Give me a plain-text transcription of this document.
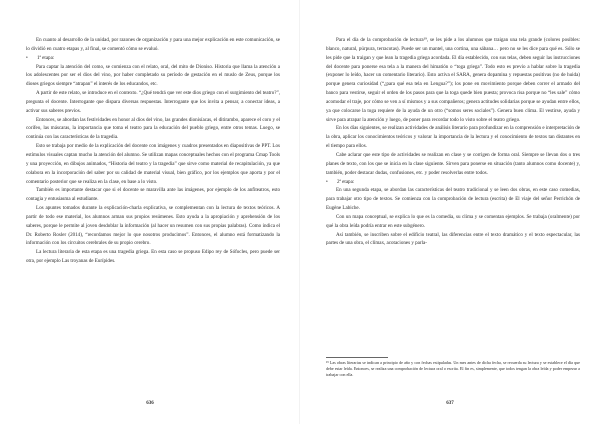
En cuanto al desarrollo de la unidad, por razones de organización y para una mejor explicación en este comunicación, se lo dividió en cuatro etapas y, al final, se comentó cómo se evaluó.

• 1ª etapa:

Para captar la atención del como, se comienza con el relato, oral, del mito de Dioniso. Historia que llama la atención a los adolescentes por ser el dios del vino, por haber completado su período de gestación en el muslo de Zeus, porque los dioses griegos siempre “atrapan” el interés de los educandos, etc.

A partir de este relato, se introduce en el contexto. “¿Qué tendrá que ver este dios griego con el surgimiento del teatro?”, pregunta el docente. Interrogante que dispara diversas respuestas. Interrogante que los invita a pensar, a conectar ideas, a activar sus saberes previos.

Entonces, se abordan las festividades en honor al dios del vino, las grandes dionisíacas, el ditirambo, aparece el coro y el corifeo, las máscaras, la importancia que toma el teatro para la educación del pueblo griego, entre otros temas. Luego, se continúa con las características de la tragedia.

Esto se trabaja por medio de la explicación del docente con imágenes y cuadros presentados en diapositivas de PPT. Los estímulos visuales captan mucho la atención del alumno. Se utilizan mapas conceptuales hechos con el programa Cmap Tools y una proyección, en dibujos animados, “Historia del teatro y la tragedia” que sirve como material de recapitulación, ya que colabora en la incorporación del saber por su calidad de material visual, bien gráfico, por los ejemplos que aporta y por el comentario posterior que se realiza en la clase, en base a lo visto.

También es importante destacar que si el docente se maravilla ante las imágenes, por ejemplo de los anfiteatros, esto contagia y entusiasma al estudiante.

Los apuntes tomados durante la explicación-charla explicativa, se complementan con la lectura de textos teóricos. A partir de todo ese material, los alumnos arman sus propios resúmenes. Esto ayuda a la apropiación y aprehensión de los saberes, porque le permite al joven desdoblar la información (al hacer un resumen con sus propias palabras). Como indica el Dr. Roberto Rosler (2014), “recordamos mejor lo que nosotros producimos”. Entonces, el alumno está formatizando la información con los circuitos cerebrales de su propio cerebro.

La lectura literaria de esta etapa es una tragedia griega. En esta caso se propuso Edipo rey de Sófocles, pero puede ser otra, por ejemplo Las troyanas de Eurípides.

636

Para el día de la comprobación de lectura¹⁹, se les pide a los alumnos que traigan una tela grande (colores posibles: blanco, natural, púrpura, terracotas). Puede ser un mantel, una cortina, una sábana… pero no se les dice para qué es. Sólo se les pide que la traigan y que lean la tragedia griega acordada. El día establecido, con sus telas, deben seguir las instrucciones del docente para ponerse esa tela a la manera del himatión o “toga griega”. Todo esto es previo a hablar sobre la tragedia (exponer lo leído, hacer un comentario literario). Esto activa el SARA, genera dopamina y repuestas positivas (no de huida) porque genera curiosidad (“¿para qué esa tela en Lengua?”); los pone en movimiento porque deben correr el armado del banco para vestirse, seguir el orden de los pasos para que la toga quede bien puesta; provoca risa porque no “les sale” cómo acomodar el traje, por cómo se ven a sí mismos y a sus compañeros; genera actitudes solidarias porque se ayudan entre ellos, ya que colocarse la toga requiere de la ayuda de un otro (“somos seres sociales”). Genera buen clima. El vestirse, ayuda y sirve para atrapar la atención y luego, de poner para recordar todo lo visto sobre el teatro griego.

En los días siguientes, se realizan actividades de análisis literario para profundizar en la comprensión e interpretación de la obra, aplicar los conocimientos teóricos y valorar la importancia de la lectura y el conocimiento de textos tan distantes en el tiempo para ellos.

Cabe aclarar que este tipo de actividades se realizan en clase y se corrigen de forma oral. Siempre se llevan dos o tres planes de texto, con los que se inicia en la clase siguiente. Sirven para ponerse en situación (tanto alumnos como docente) y, también, poder destacar dudas, confusiones, etc. y poder resolverlas entre todos.

• 2ª etapa:

En una segunda etapa, se abordan las características del teatro tradicional y se leen dos obras, en este caso comedias, para trabajar otro tipo de textos. Se comienza con la comprobación de lectura (escrita) de El viaje del señor Perrichón de Eugène Labiche.

Con un mapa conceptual, se explica lo que es la comedia, su clima y se comentan ejemplos. Se trabaja (oralmente) por qué la obra leída podría entrar en este subgénero.

Así también, se inscriben sobre el edificio teatral, las diferencias entre el texto dramático y el texto espectacular, las partes de una obra, el clímax, acotaciones y parla-

¹⁹ Las obras literarias se indican a principio de año y con fechas estipuladas. Un mes antes de dicha fecha, se recuerda su lectura y se establece el día que debe estar leída. Entonces, se realiza una comprobación de lectura oral o escrita. El fin es, simplemente, que todos tengan la obra leída y poder empezar a trabajar con ella.
637
